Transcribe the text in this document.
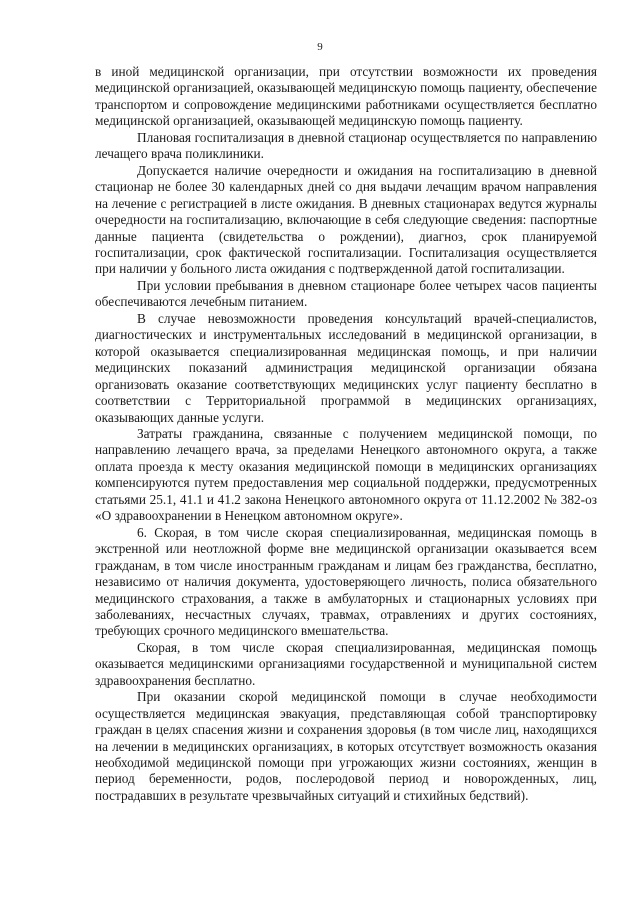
9

в иной медицинской организации, при отсутствии возможности их проведения медицинской организацией, оказывающей медицинскую помощь пациенту, обеспечение транспортом и сопровождение медицинскими работниками осуществляется бесплатно медицинской организацией, оказывающей медицинскую помощь пациенту.

Плановая госпитализация в дневной стационар осуществляется по направлению лечащего врача поликлиники.

Допускается наличие очередности и ожидания на госпитализацию в дневной стационар не более 30 календарных дней со дня выдачи лечащим врачом направления на лечение с регистрацией в листе ожидания. В дневных стационарах ведутся журналы очередности на госпитализацию, включающие в себя следующие сведения: паспортные данные пациента (свидетельства о рождении), диагноз, срок планируемой госпитализации, срок фактической госпитализации. Госпитализация осуществляется при наличии у больного листа ожидания с подтвержденной датой госпитализации.

При условии пребывания в дневном стационаре более четырех часов пациенты обеспечиваются лечебным питанием.

В случае невозможности проведения консультаций врачей-специалистов, диагностических и инструментальных исследований в медицинской организации, в которой оказывается специализированная медицинская помощь, и при наличии медицинских показаний администрация медицинской организации обязана организовать оказание соответствующих медицинских услуг пациенту бесплатно в соответствии с Территориальной программой в медицинских организациях, оказывающих данные услуги.

Затраты гражданина, связанные с получением медицинской помощи, по направлению лечащего врача, за пределами Ненецкого автономного округа, а также оплата проезда к месту оказания медицинской помощи в медицинских организациях компенсируются путем предоставления мер социальной поддержки, предусмотренных статьями 25.1, 41.1 и 41.2 закона Ненецкого автономного округа от 11.12.2002 № 382-оз «О здравоохранении в Ненецком автономном округе».

6. Скорая, в том числе скорая специализированная, медицинская помощь в экстренной или неотложной форме вне медицинской организации оказывается всем гражданам, в том числе иностранным гражданам и лицам без гражданства, бесплатно, независимо от наличия документа, удостоверяющего личность, полиса обязательного медицинского страхования, а также в амбулаторных и стационарных условиях при заболеваниях, несчастных случаях, травмах, отравлениях и других состояниях, требующих срочного медицинского вмешательства.

Скорая, в том числе скорая специализированная, медицинская помощь оказывается медицинскими организациями государственной и муниципальной систем здравоохранения бесплатно.

При оказании скорой медицинской помощи в случае необходимости осуществляется медицинская эвакуация, представляющая собой транспортировку граждан в целях спасения жизни и сохранения здоровья (в том числе лиц, находящихся на лечении в медицинских организациях, в которых отсутствует возможность оказания необходимой медицинской помощи при угрожающих жизни состояниях, женщин в период беременности, родов, послеродовой период и новорожденных, лиц, пострадавших в результате чрезвычайных ситуаций и стихийных бедствий).
